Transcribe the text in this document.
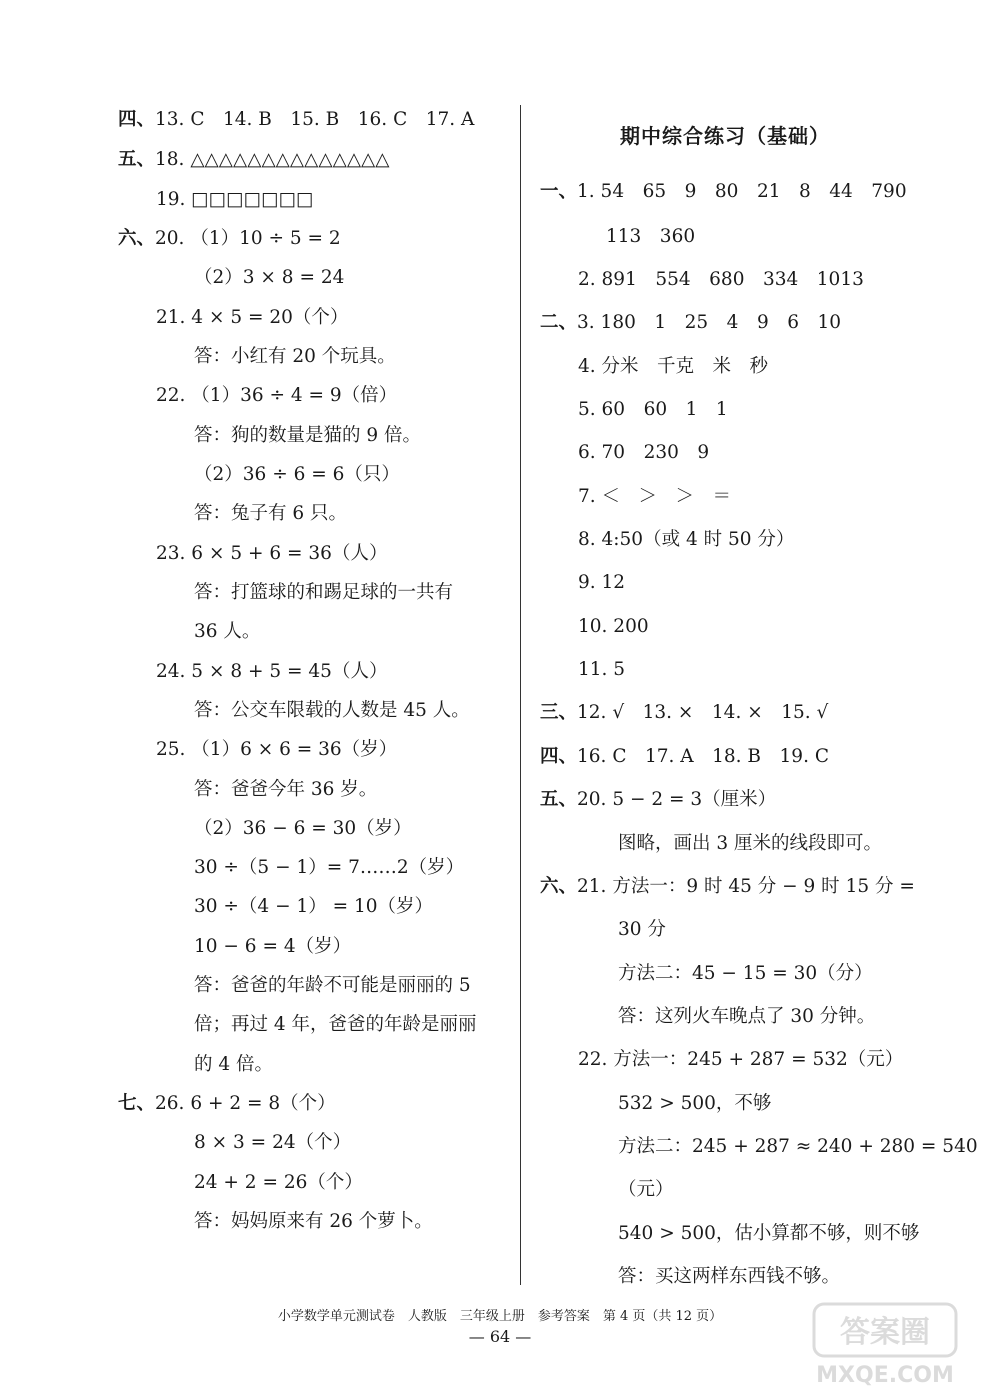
四、13. C　14. B　15. B　16. C　17. A
五、18. △△△△△△△△△△△△△△
19. □□□□□□□
六、20. （1）10 ÷ 5 = 2
（2）3 × 8 = 24
21. 4 × 5 = 20（个）
答：小红有 20 个玩具。
22. （1）36 ÷ 4 = 9（倍）
答：狗的数量是猫的 9 倍。
（2）36 ÷ 6 = 6（只）
答：兔子有 6 只。
23. 6 × 5 + 6 = 36（人）
答：打篮球的和踢足球的一共有
36 人。
24. 5 × 8 + 5 = 45（人）
答：公交车限载的人数是 45 人。
25. （1）6 × 6 = 36（岁）
答：爸爸今年 36 岁。
（2）36 − 6 = 30（岁）
30 ÷（5 − 1）= 7……2（岁）
30 ÷（4 − 1） = 10（岁）
10 − 6 = 4（岁）
答：爸爸的年龄不可能是丽丽的 5
倍；再过 4 年，爸爸的年龄是丽丽
的 4 倍。
七、26. 6 + 2 = 8（个）
8 × 3 = 24（个）
24 + 2 = 26（个）
答：妈妈原来有 26 个萝卜。
期中综合练习（基础）
一、1. 54　65　9　80　21　8　44　790
113　360
2. 891　554　680　334　1013
二、3. 180　1　25　4　9　6　10
4. 分米　千克　米　秒
5. 60　60　1　1
6. 70　230　9
7. ＜　＞　＞　＝
8. 4:50（或 4 时 50 分）
9. 12
10. 200
11. 5
三、12. √　13. ×　14. ×　15. √
四、16. C　17. A　18. B　19. C
五、20. 5 − 2 = 3（厘米）
图略，画出 3 厘米的线段即可。
六、21. 方法一：9 时 45 分 − 9 时 15 分 =
30 分
方法二：45 − 15 = 30（分）
答：这列火车晚点了 30 分钟。
22. 方法一：245 + 287 = 532（元）
532 > 500，不够
方法二：245 + 287 ≈ 240 + 280 = 540
（元）
540 > 500，估小算都不够，则不够
答：买这两样东西钱不够。
小学数学单元测试卷　人教版　三年级上册　参考答案　第 4 页（共 12 页）
— 64 —	答案圈
MXQE.COM
